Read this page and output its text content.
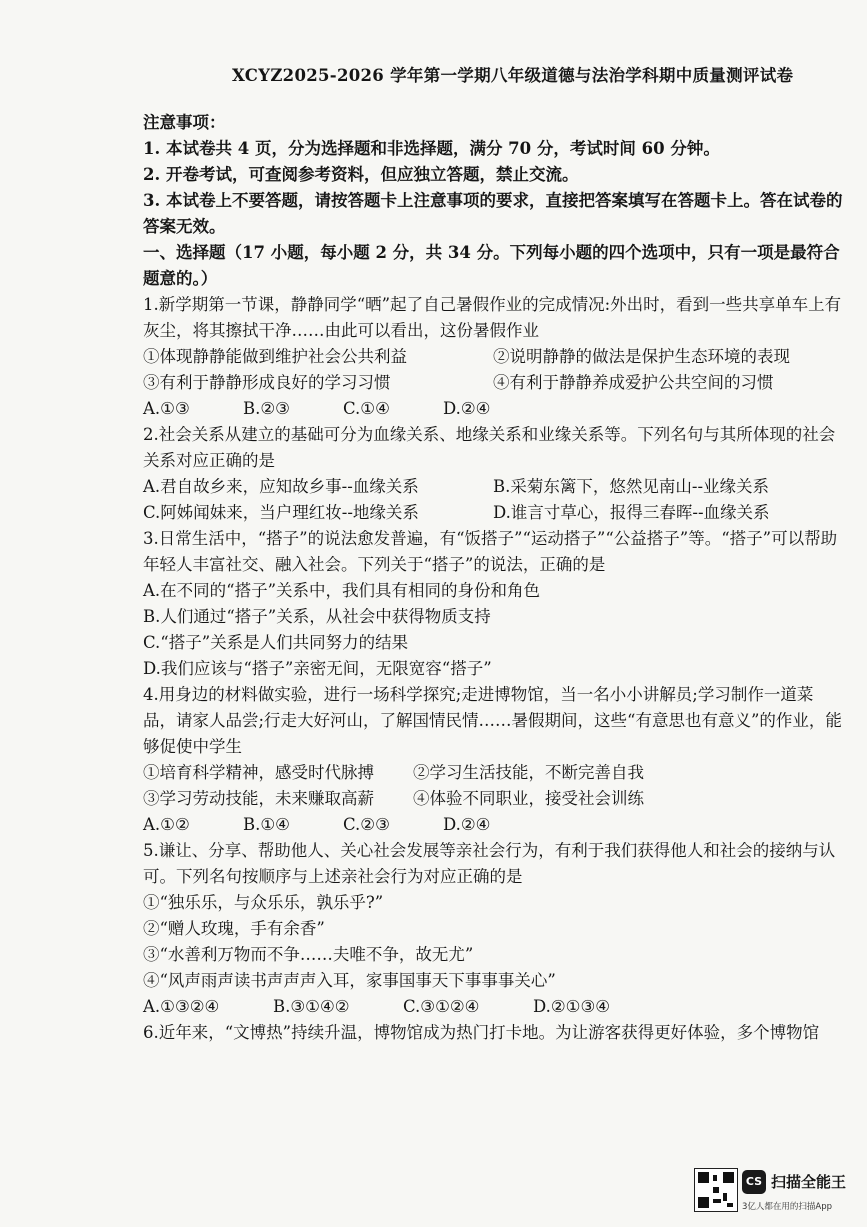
XCYZ2025-2026 学年第一学期八年级道德与法治学科期中质量测评试卷
注意事项：
1. 本试卷共 4 页，分为选择题和非选择题，满分 70 分，考试时间 60 分钟。
2. 开卷考试，可查阅参考资料，但应独立答题，禁止交流。
3. 本试卷上不要答题，请按答题卡上注意事项的要求，直接把答案填写在答题卡上。答在试卷的答案无效。
一、选择题（17 小题，每小题 2 分，共 34 分。下列每小题的四个选项中，只有一项是最符合题意的。）
1.新学期第一节课，静静同学“晒”起了自己暑假作业的完成情况:外出时，看到一些共享单车上有灰尘，将其擦拭干净……由此可以看出，这份暑假作业
①体现静静能做到维护社会公共利益	②说明静静的做法是保护生态环境的表现
③有利于静静形成良好的学习习惯	④有利于静静养成爱护公共空间的习惯
A.①③	B.②③	C.①④	D.②④
2.社会关系从建立的基础可分为血缘关系、地缘关系和业缘关系等。下列名句与其所体现的社会关系对应正确的是
A.君自故乡来，应知故乡事--血缘关系	B.采菊东篱下，悠然见南山--业缘关系
C.阿姊闻妹来，当户理红妆--地缘关系	D.谁言寸草心，报得三春晖--血缘关系
3.日常生活中，“搭子”的说法愈发普遍，有“饭搭子”“运动搭子”“公益搭子”等。“搭子”可以帮助年轻人丰富社交、融入社会。下列关于“搭子”的说法，正确的是
A.在不同的“搭子”关系中，我们具有相同的身份和角色
B.人们通过“搭子”关系，从社会中获得物质支持
C.“搭子”关系是人们共同努力的结果
D.我们应该与“搭子”亲密无间，无限宽容“搭子”
4.用身边的材料做实验，进行一场科学探究;走进博物馆，当一名小小讲解员;学习制作一道菜品，请家人品尝;行走大好河山，了解国情民情……暑假期间，这些“有意思也有意义”的作业，能够促使中学生
①培育科学精神，感受时代脉搏	②学习生活技能，不断完善自我
③学习劳动技能，未来赚取高薪	④体验不同职业，接受社会训练
A.①②	B.①④	C.②③	D.②④
5.谦让、分享、帮助他人、关心社会发展等亲社会行为，有利于我们获得他人和社会的接纳与认可。下列名句按顺序与上述亲社会行为对应正确的是
①“独乐乐，与众乐乐，孰乐乎?”
②“赠人玫瑰，手有余香”
③“水善利万物而不争……夫唯不争，故无尤”
④“风声雨声读书声声声入耳，家事国事天下事事事关心”
A.①③②④	B.③①④②	C.③①②④	D.②①③④
6.近年来，“文博热”持续升温，博物馆成为热门打卡地。为让游客获得更好体验，多个博物馆
CS 扫描全能王
3亿人都在用的扫描App
